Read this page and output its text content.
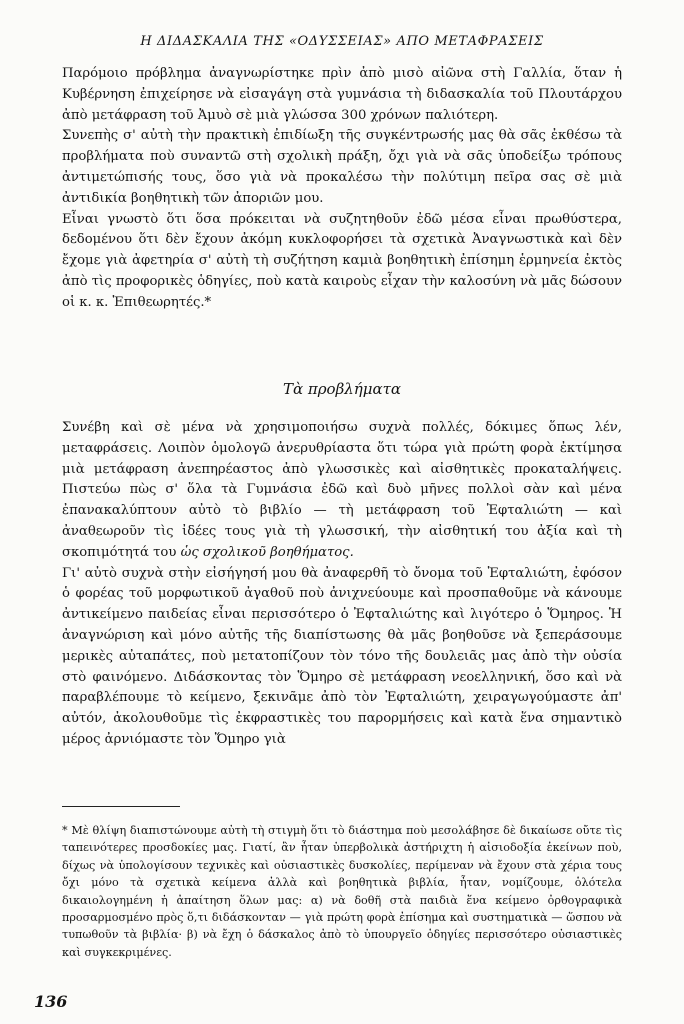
Η ΔΙΔΑΣΚΑΛΙΑ ΤΗΣ «ΟΔΥΣΣΕΙΑΣ» ΑΠΟ ΜΕΤΑΦΡΑΣΕΙΣ

Παρόμοιο πρόβλημα ἀναγνωρίστηκε πρὶν ἀπὸ μισὸ αἰῶνα στὴ Γαλλία, ὅταν ἡ Κυβέρνηση ἐπιχείρησε νὰ εἰσαγάγη στὰ γυμνάσια τὴ διδασκαλία τοῦ Πλουτάρχου ἀπὸ μετάφραση τοῦ Ἀμυὸ σὲ μιὰ γλώσσα 300 χρόνων παλιότερη.

Συνεπὴς σ' αὐτὴ τὴν πρακτικὴ ἐπιδίωξη τῆς συγκέντρωσής μας θὰ σᾶς ἐκθέσω τὰ προβλήματα ποὺ συναντῶ στὴ σχολικὴ πράξη, ὄχι γιὰ νὰ σᾶς ὑποδείξω τρόπους ἀντιμετώπισής τους, ὅσο γιὰ νὰ προκαλέσω τὴν πολύτιμη πεῖρα σας σὲ μιὰ ἀντιδικία βοηθητικὴ τῶν ἀποριῶν μου.

Εἶναι γνωστὸ ὅτι ὅσα πρόκειται νὰ συζητηθοῦν ἐδῶ μέσα εἶναι πρωθύστερα, δεδομένου ὅτι δὲν ἔχουν ἀκόμη κυκλοφορήσει τὰ σχετικὰ Ἀναγνωστικὰ καὶ δὲν ἔχομε γιὰ ἀφετηρία σ' αὐτὴ τὴ συζήτηση καμιὰ βοηθητικὴ ἐπίσημη ἑρμηνεία ἐκτὸς ἀπὸ τὶς προφορικὲς ὁδηγίες, ποὺ κατὰ καιροὺς εἶχαν τὴν καλοσύνη νὰ μᾶς δώσουν οἱ κ. κ. Ἐπιθεωρητές.*

Τὰ προβλήματα

Συνέβη καὶ σὲ μένα νὰ χρησιμοποιήσω συχνὰ πολλές, δόκιμες ὅπως λέν, μεταφράσεις. Λοιπὸν ὁμολογῶ ἀνερυθρίαστα ὅτι τώρα γιὰ πρώτη φορὰ ἐκτίμησα μιὰ μετάφραση ἀνεπηρέαστος ἀπὸ γλωσσικὲς καὶ αἰσθητικὲς προκαταλήψεις. Πιστεύω πὼς σ' ὅλα τὰ Γυμνάσια ἐδῶ καὶ δυὸ μῆνες πολλοὶ σὰν καὶ μένα ἐπανακαλύπτουν αὐτὸ τὸ βιβλίο — τὴ μετάφραση τοῦ Ἐφταλιώτη — καὶ ἀναθεωροῦν τὶς ἰδέες τους γιὰ τὴ γλωσσική, τὴν αἰσθητική του ἀξία καὶ τὴ σκοπιμότητά του ὡς σχολικοῦ βοηθήματος.

Γι' αὐτὸ συχνὰ στὴν εἰσήγησή μου θὰ ἀναφερθῆ τὸ ὄνομα τοῦ Ἐφταλιώτη, ἐφόσον ὁ φορέας τοῦ μορφωτικοῦ ἀγαθοῦ ποὺ ἀνιχνεύουμε καὶ προσπαθοῦμε νὰ κάνουμε ἀντικείμενο παιδείας εἶναι περισσότερο ὁ Ἐφταλιώτης καὶ λιγότερο ὁ Ὅμηρος. Ἡ ἀναγνώριση καὶ μόνο αὐτῆς τῆς διαπίστωσης θὰ μᾶς βοηθοῦσε νὰ ξεπεράσουμε μερικὲς αὐταπάτες, ποὺ μετατοπίζουν τὸν τόνο τῆς δουλειᾶς μας ἀπὸ τὴν οὐσία στὸ φαινόμενο. Διδάσκοντας τὸν Ὅμηρο σὲ μετάφραση νεοελληνική, ὅσο καὶ νὰ παραβλέπουμε τὸ κείμενο, ξεκινᾶμε ἀπὸ τὸν Ἐφταλιώτη, χειραγωγούμαστε ἀπ' αὐτόν, ἀκολουθοῦμε τὶς ἐκφραστικὲς του παρορμήσεις καὶ κατὰ ἕνα σημαντικὸ μέρος ἀρνιόμαστε τὸν Ὅμηρο γιὰ

* Μὲ θλίψη διαπιστώνουμε αὐτὴ τὴ στιγμὴ ὅτι τὸ διάστημα ποὺ μεσολάβησε δὲ δικαίωσε οὔτε τὶς ταπεινότερες προσδοκίες μας. Γιατί, ἂν ἦταν ὑπερβολικὰ ἀστήριχτη ἡ αἰσιοδοξία ἐκείνων ποὺ, δίχως νὰ ὑπολογίσουν τεχνικὲς καὶ οὐσιαστικὲς δυσκολίες, περίμεναν νὰ ἔχουν στὰ χέρια τους ὄχι μόνο τὰ σχετικὰ κείμενα ἀλλὰ καὶ βοηθητικὰ βιβλία, ἦταν, νομίζουμε, ὁλότελα δικαιολογημένη ἡ ἀπαίτηση ὅλων μας: α) νὰ δοθῆ στὰ παιδιὰ ἕνα κείμενο ὀρθογραφικὰ προσαρμοσμένο πρὸς ὅ,τι διδάσκονταν — γιὰ πρώτη φορὰ ἐπίσημα καὶ συστηματικὰ — ὥσπου νὰ τυπωθοῦν τὰ βιβλία· β) νὰ ἔχη ὁ δάσκαλος ἀπὸ τὸ ὑπουργεῖο ὁδηγίες περισσότερο οὐσιαστικὲς καὶ συγκεκριμένες.

136
